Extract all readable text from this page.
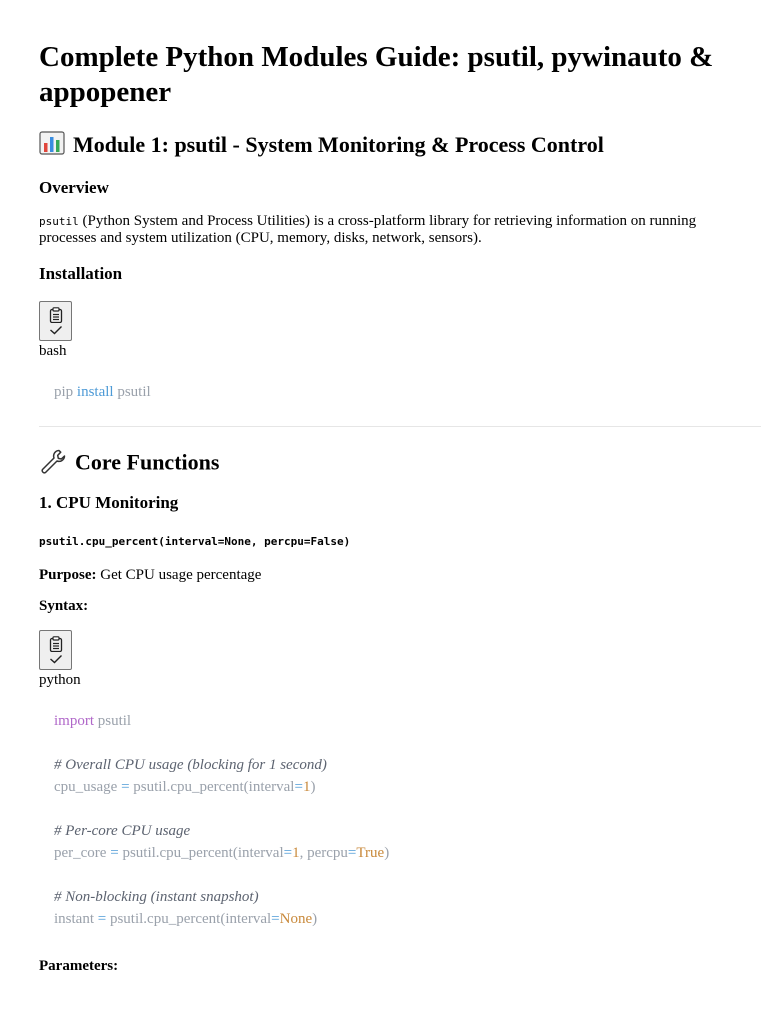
Complete Python Modules Guide: psutil, pywinauto & appopener
Module 1: psutil - System Monitoring & Process Control
Overview

psutil (Python System and Process Utilities) is a cross-platform library for retrieving information on running processes and system utilization (CPU, memory, disks, network, sensors).

Installation
bash
pip install psutil
Core Functions
1. CPU Monitoring
psutil.cpu_percent(interval=None, percpu=False)

Purpose: Get CPU usage percentage

Syntax:

python
import psutil
# Overall CPU usage (blocking for 1 second)
cpu_usage = psutil.cpu_percent(interval=1)
# Per-core CPU usage
per_core = psutil.cpu_percent(interval=1, percpu=True)
# Non-blocking (instant snapshot)
instant = psutil.cpu_percent(interval=None)

Parameters:
